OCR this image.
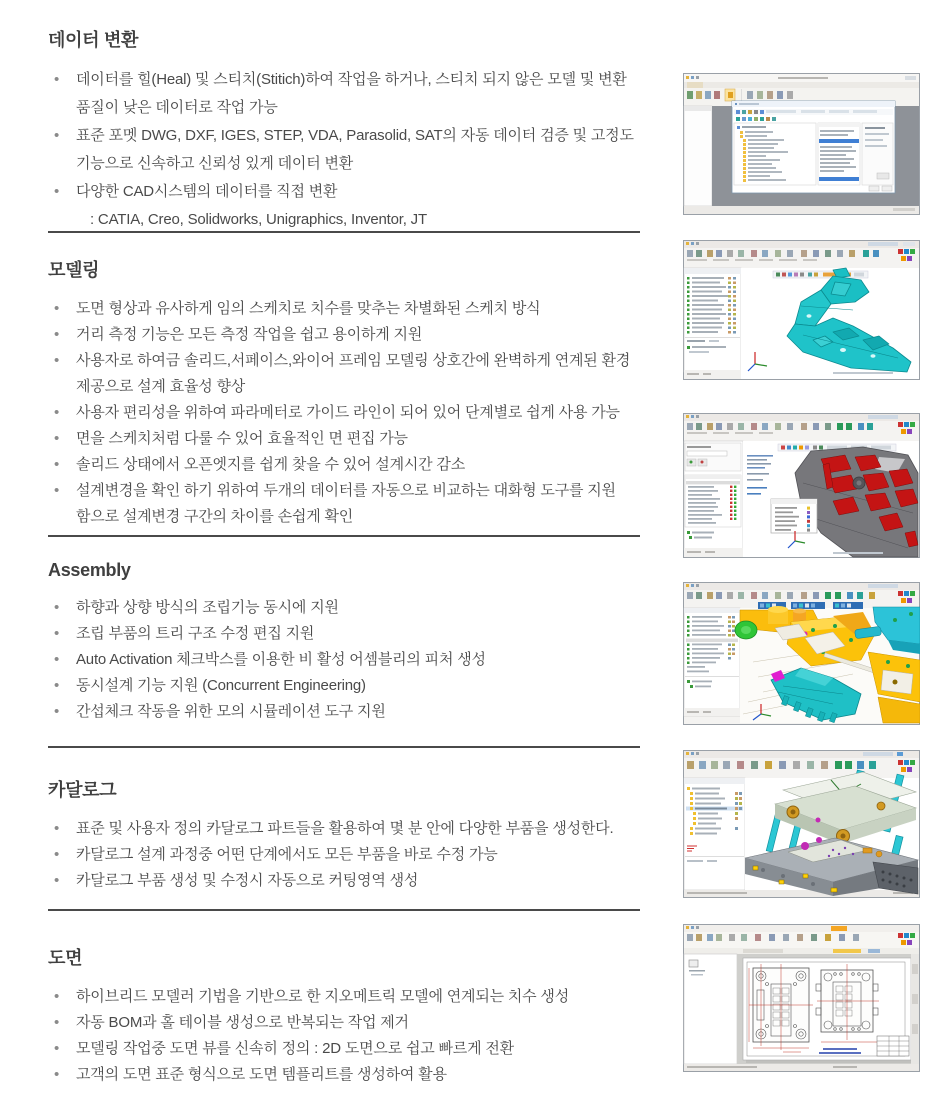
데이터 변환
• 데이터를 힐(Heal) 및 스티치(Stitich)하여 작업을 하거나, 스티치 되지 않은 모델 및 변환 품질이 낮은 데이터로 작업 가능
• 표준 포멧 DWG, DXF, IGES, STEP, VDA, Parasolid, SAT의 자동 데이터 검증 및 고정도 기능으로 신속하고 신뢰성 있게 데이터 변환
• 다양한 CAD시스템의 데이터를 직접 변환
: CATIA, Creo, Solidworks, Unigraphics, Inventor, JT
모델링
• 도면 형상과 유사하게 임의 스케치로 치수를 맞추는 차별화된 스케치 방식
• 거리 측정 기능은 모든 측정 작업을 쉽고 용이하게 지원
• 사용자로 하여금 솔리드,서페이스,와이어 프레임 모델링 상호간에 완벽하게 연계된 환경 제공으로 설계 효율성 향상
• 사용자 편리성을 위하여 파라메터로 가이드 라인이 되어 있어 단계별로 쉽게 사용 가능
• 면을 스케치처럼 다룰 수 있어 효율적인 면 편집 가능
• 솔리드 상태에서 오픈엣지를 쉽게 찾을 수 있어 설계시간 감소
• 설계변경을 확인 하기 위하여 두개의 데이터를 자동으로 비교하는 대화형 도구를 지원 함으로 설계변경 구간의 차이를 손쉽게 확인
Assembly
• 하향과 상향 방식의 조립기능 동시에 지원
• 조립 부품의 트리 구조 수정 편집 지원
• Auto Activation 체크박스를 이용한 비 활성 어셈블리의 피처 생성
• 동시설계 기능 지원 (Concurrent Engineering)
• 간섭체크 작동을 위한 모의 시뮬레이션 도구 지원
카달로그
• 표준 및 사용자 정의 카달로그 파트들을 활용하여 몇 분 안에 다양한 부품을 생성한다.
• 카달로그 설계 과정중 어떤 단계에서도 모든 부품을 바로 수정 가능
• 카달로그 부품 생성 및 수정시 자동으로 커팅영역 생성
도면
• 하이브리드 모델러 기법을 기반으로 한 지오메트릭 모델에 연계되는 치수 생성
• 자동 BOM과 홀 테이블 생성으로 반복되는 작업 제거
• 모델링 작업중 도면 뷰를 신속히 정의 : 2D 도면으로 쉽고 빠르게 전환
• 고객의 도면 표준 형식으로 도면 템플리트를 생성하여 활용
